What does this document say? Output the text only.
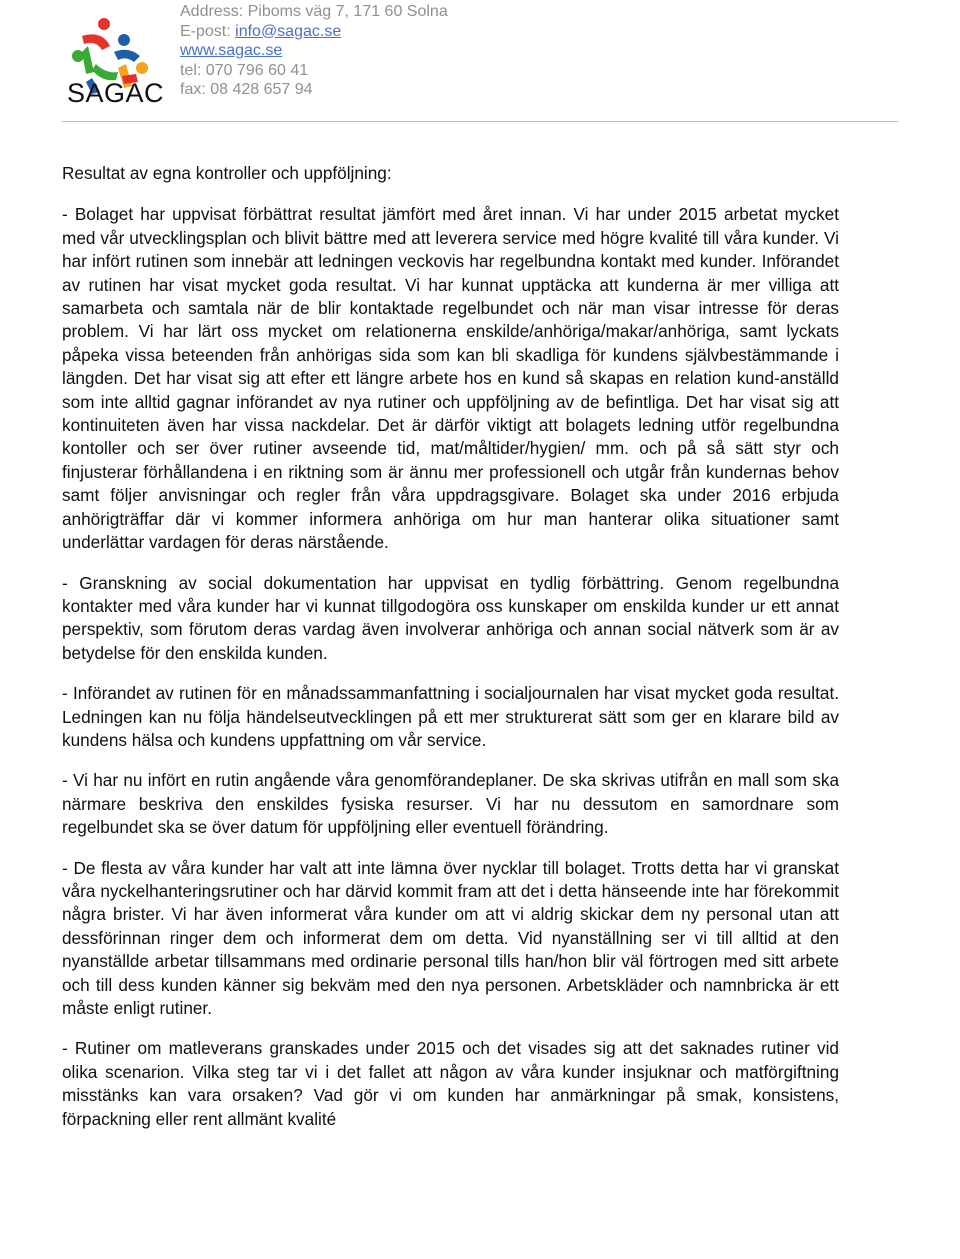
SAGAC
Address: Piboms väg 7, 171 60 Solna
E-post: info@sagac.se
www.sagac.se
tel: 070 796 60 41
fax: 08 428 657 94

Resultat av egna kontroller och uppföljning:

- Bolaget har uppvisat förbättrat resultat jämfört med året innan. Vi har under 2015 arbetat mycket med vår utvecklingsplan och blivit bättre med att leverera service med högre kvalité till våra kunder. Vi har infört rutinen som innebär att ledningen veckovis har regelbundna kontakt med kunder. Införandet av rutinen har visat mycket goda resultat. Vi har kunnat upptäcka att kunderna är mer villiga att samarbeta och samtala när de blir kontaktade regelbundet och när man visar intresse för deras problem. Vi har lärt oss mycket om relationerna enskilde/anhöriga/makar/anhöriga, samt lyckats påpeka vissa beteenden från anhörigas sida som kan bli skadliga för kundens självbestämmande i längden. Det har visat sig att efter ett längre arbete hos en kund så skapas en relation kund-anställd som inte alltid gagnar införandet av nya rutiner och uppföljning av de befintliga. Det har visat sig att kontinuiteten även har vissa nackdelar. Det är därför viktigt att bolagets ledning utför regelbundna kontoller och ser över rutiner avseende tid, mat/måltider/hygien/ mm. och på så sätt styr och finjusterar förhållandena i en riktning som är ännu mer professionell och utgår från kundernas behov samt följer anvisningar och regler från våra uppdragsgivare. Bolaget ska under 2016 erbjuda anhörigträffar där vi kommer informera anhöriga om hur man hanterar olika situationer samt underlättar vardagen för deras närstående.

- Granskning av social dokumentation har uppvisat en tydlig förbättring. Genom regelbundna kontakter med våra kunder har vi kunnat tillgodogöra oss kunskaper om enskilda kunder ur ett annat perspektiv, som förutom deras vardag även involverar anhöriga och annan social nätverk som är av betydelse för den enskilda kunden.

- Införandet av rutinen för en månadssammanfattning i socialjournalen har visat mycket goda resultat. Ledningen kan nu följa händelseutvecklingen på ett mer strukturerat sätt som ger en klarare bild av kundens hälsa och kundens uppfattning om vår service.

- Vi har nu infört en rutin angående våra genomförandeplaner. De ska skrivas utifrån en mall som ska närmare beskriva den enskildes fysiska resurser. Vi har nu dessutom en samordnare som regelbundet ska se över datum för uppföljning eller eventuell förändring.

- De flesta av våra kunder har valt att inte lämna över nycklar till bolaget. Trotts detta har vi granskat våra nyckelhanteringsrutiner och har därvid kommit fram att det i detta hänseende inte har förekommit några brister. Vi har även informerat våra kunder om att vi aldrig skickar dem ny personal utan att dessförinnan ringer dem och informerat dem om detta. Vid nyanställning ser vi till alltid at den nyanställde arbetar tillsammans med ordinarie personal tills han/hon blir väl förtrogen med sitt arbete och till dess kunden känner sig bekväm med den nya personen. Arbetskläder och namnbricka är ett måste enligt rutiner.

- Rutiner om matleverans granskades under 2015 och det visades sig att det saknades rutiner vid olika scenarion. Vilka steg tar vi i det fallet att någon av våra kunder insjuknar och matförgiftning misstänks kan vara orsaken? Vad gör vi om kunden har anmärkningar på smak, konsistens, förpackning eller rent allmänt kvalité
